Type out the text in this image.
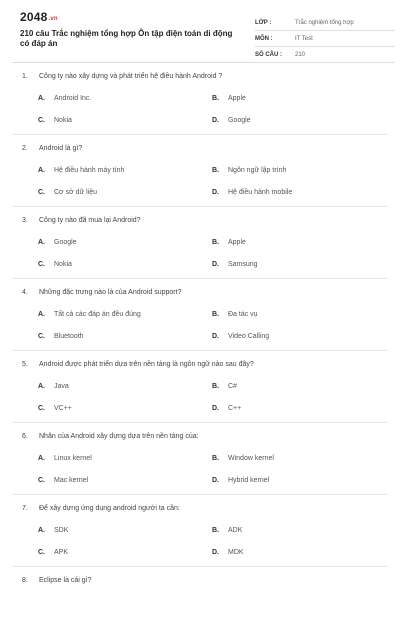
2048.vn
210 câu Trắc nghiệm tổng hợp Ôn tập điện toán di động có đáp án
LỚP :	Trắc nghiệm tổng hợp
MÔN :	IT Test
SỐ CÂU : 210
1. Công ty nào xây dựng và phát triển hệ điều hành Android ?
A. Android Inc.	B. Apple
C. Nokia	D. Google
2. Android là gì?
A. Hệ điều hành máy tính	B. Ngôn ngữ lập trình
C. Cơ sở dữ liệu	D. Hệ điều hành mobile
3. Công ty nào đã mua lại Android?
A. Google	B. Apple
C. Nokia	D. Samsung
4. Những đặc trưng nào là của Android support?
A. Tất cả các đáp án đều đúng	B. Đa tác vụ
C. Bluetooth	D. Video Calling
5. Android được phát triển dựa trên nền tảng là ngôn ngữ nào sau đây?
A. Java	B. C#
C. VC++	D. C++
6. Nhân của Android xây dựng dựa trên nền tảng của:
A. Linux kernel	B. Window kernel
C. Mac kernel	D. Hybrid kernel
7. Để xây dựng ứng dụng android người ta cần:
A. SDK	B. ADK
C. APK	D. MDK
8. Eclipse là cái gì?
